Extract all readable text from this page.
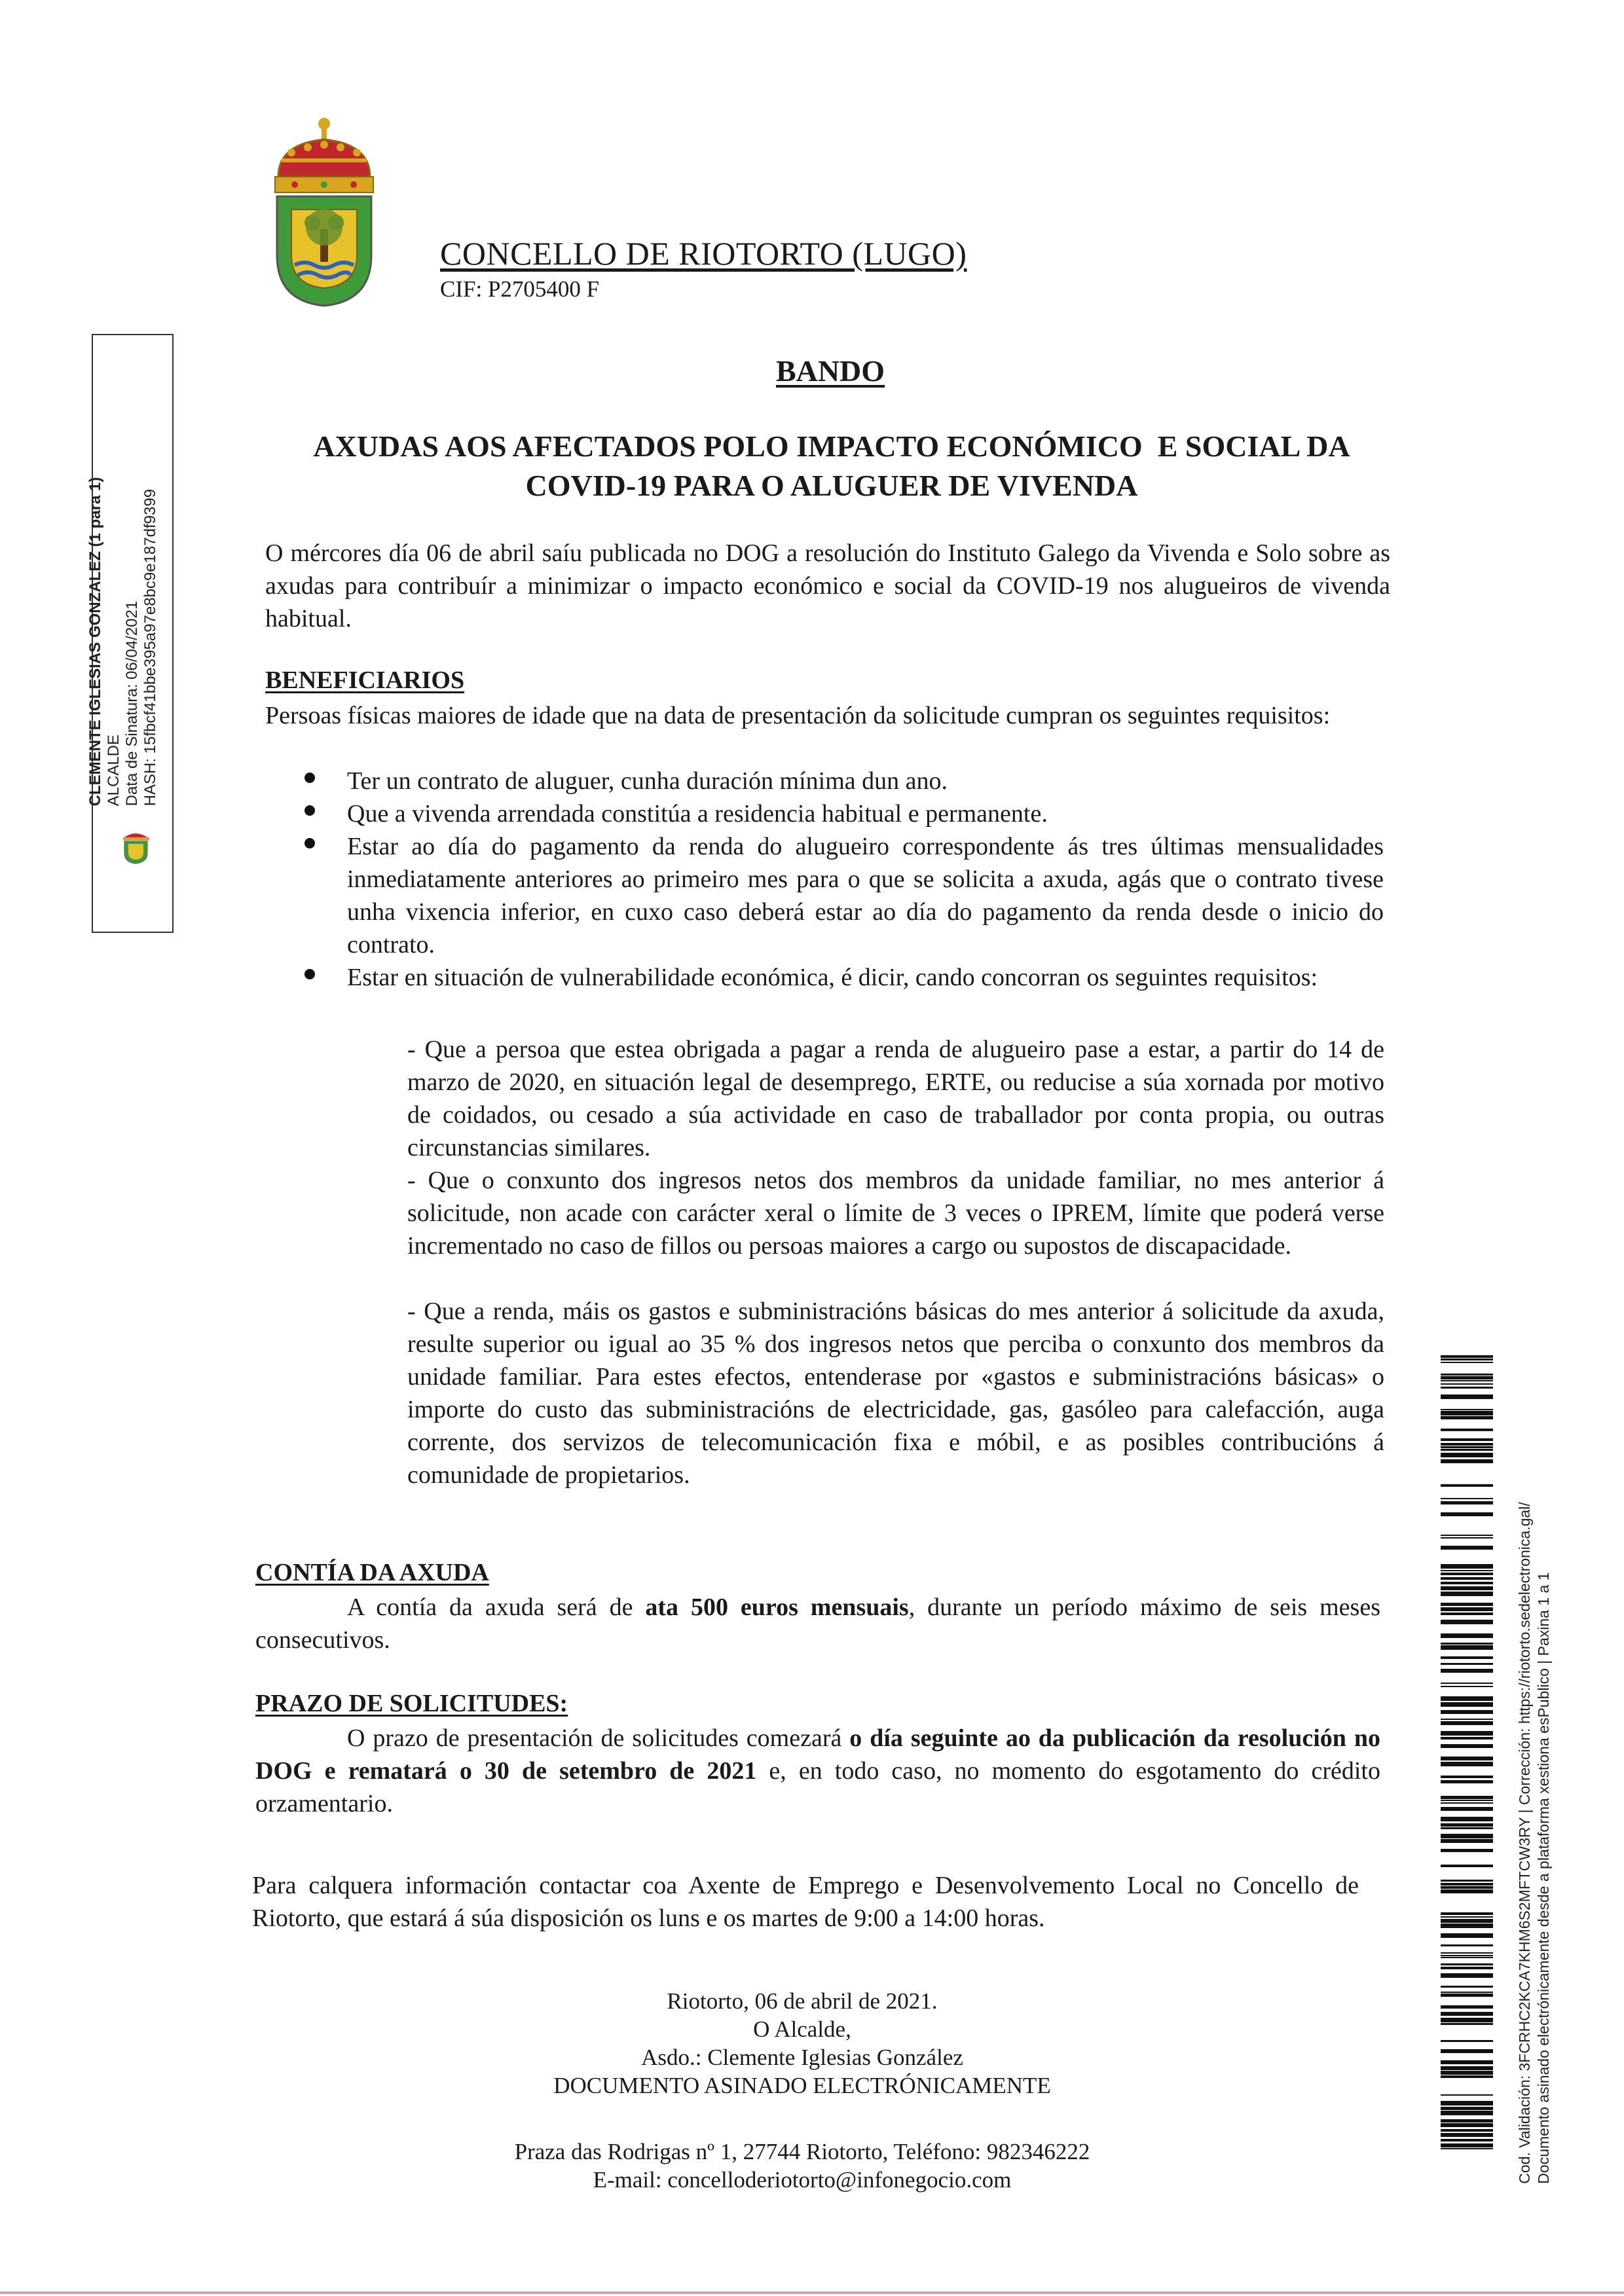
CONCELLO DE RIOTORTO (LUGO)
CIF: P2705400 F
CLEMENTE IGLESIAS GONZALEZ (1 para 1) ALCALDE Data de Sinatura: 06/04/2021 HASH: 15fbcf41bbe395a97e8bc9e187df9399
BANDO
AXUDAS AOS AFECTADOS POLO IMPACTO ECONÓMICO  E SOCIAL DA
COVID-19 PARA O ALUGUER DE VIVENDA
O mércores día 06 de abril saíu publicada no DOG a resolución do Instituto Galego da Vivenda e Solo sobre as axudas para contribuír a minimizar o impacto económico e social da COVID-19 nos alugueiros de vivenda habitual.
BENEFICIARIOS
Persoas físicas maiores de idade que na data de presentación da solicitude cumpran os seguintes requisitos:
Ter un contrato de aluguer, cunha duración mínima dun ano.
Que a vivenda arrendada constitúa a residencia habitual e permanente.
Estar ao día do pagamento da renda do alugueiro correspondente ás tres últimas mensualidades inmediatamente anteriores ao primeiro mes para o que se solicita a axuda, agás que o contrato tivese unha vixencia inferior, en cuxo caso deberá estar ao día do pagamento da renda desde o inicio do contrato.
Estar en situación de vulnerabilidade económica, é dicir, cando concorran os seguintes requisitos:
- Que a persoa que estea obrigada a pagar a renda de alugueiro pase a estar, a partir do 14 de marzo de 2020, en situación legal de desemprego, ERTE, ou reducise a súa xornada por motivo de coidados, ou cesado a súa actividade en caso de traballador por conta propia, ou outras circunstancias similares.
- Que o conxunto dos ingresos netos dos membros da unidade familiar, no mes anterior á solicitude, non acade con carácter xeral o límite de 3 veces o IPREM, límite que poderá verse incrementado no caso de fillos ou persoas maiores a cargo ou supostos de discapacidade.
- Que a renda, máis os gastos e subministracións básicas do mes anterior á solicitude da axuda, resulte superior ou igual ao 35 % dos ingresos netos que perciba o conxunto dos membros da unidade familiar. Para estes efectos, entenderase por «gastos e subministracións básicas» o importe do custo das subministracións de electricidade, gas, gasóleo para calefacción, auga corrente, dos servizos de telecomunicación fixa e móbil, e as posibles contribucións á comunidade de propietarios.
CONTÍA DA AXUDA
A contía da axuda será de ata 500 euros mensuais, durante un período máximo de seis meses consecutivos.
PRAZO DE SOLICITUDES:
O prazo de presentación de solicitudes comezará o día seguinte ao da publicación da resolución no DOG e rematará o 30 de setembro de 2021 e, en todo caso, no momento do esgotamento do crédito orzamentario.
Para calquera información contactar coa Axente de Emprego e Desenvolvemento Local no Concello de Riotorto, que estará á súa disposición os luns e os martes de 9:00 a 14:00 horas.
Riotorto, 06 de abril de 2021.
O Alcalde,
Asdo.: Clemente Iglesias González
DOCUMENTO ASINADO ELECTRÓNICAMENTE
Praza das Rodrigas nº 1, 27744 Riotorto, Teléfono: 982346222
E-mail: concelloderiotorto@infonegocio.com	Cod. Validación: 3FCRHC2KCA7KHM6S2MFTCW3RY | Corrección: https://riotorto.sedelectronica.gal/ Documento asinado electrónicamente desde a plataforma xestiona esPublico | Paxina 1 a 1
